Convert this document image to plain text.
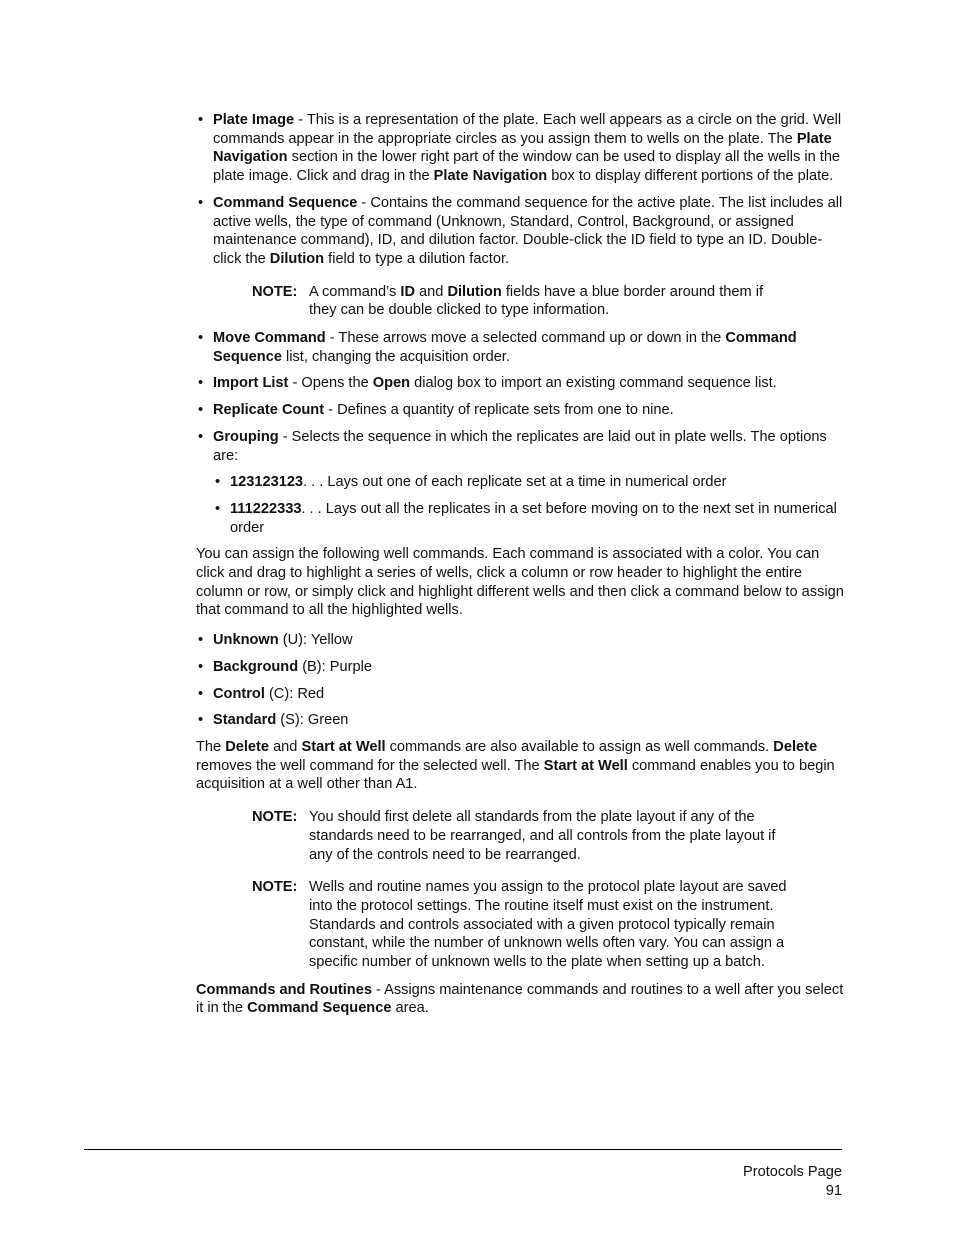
• Plate Image - This is a representation of the plate. Each well appears as a circle on the grid. Well commands appear in the appropriate circles as you assign them to wells on the plate. The Plate Navigation section in the lower right part of the window can be used to display all the wells in the plate image. Click and drag in the Plate Navigation box to display different portions of the plate.
• Command Sequence - Contains the command sequence for the active plate. The list includes all active wells, the type of command (Unknown, Standard, Control, Background, or assigned maintenance command), ID, and dilution factor. Double-click the ID field to type an ID. Double-click the Dilution field to type a dilution factor.
NOTE: A command’s ID and Dilution fields have a blue border around them if they can be double clicked to type information.
• Move Command - These arrows move a selected command up or down in the Command Sequence list, changing the acquisition order.
• Import List - Opens the Open dialog box to import an existing command sequence list.
• Replicate Count - Defines a quantity of replicate sets from one to nine.
• Grouping - Selects the sequence in which the replicates are laid out in plate wells. The options are:
• 123123123. . . Lays out one of each replicate set at a time in numerical order
• 111222333. . . Lays out all the replicates in a set before moving on to the next set in numerical order

You can assign the following well commands. Each command is associated with a color. You can click and drag to highlight a series of wells, click a column or row header to highlight the entire column or row, or simply click and highlight different wells and then click a command below to assign that command to all the highlighted wells.

• Unknown (U): Yellow
• Background (B): Purple
• Control (C): Red
• Standard (S): Green

The Delete and Start at Well commands are also available to assign as well commands. Delete removes the well command for the selected well. The Start at Well command enables you to begin acquisition at a well other than A1.

NOTE: You should first delete all standards from the plate layout if any of the standards need to be rearranged, and all controls from the plate layout if any of the controls need to be rearranged.
NOTE: Wells and routine names you assign to the protocol plate layout are saved into the protocol settings. The routine itself must exist on the instrument. Standards and controls associated with a given protocol typically remain constant, while the number of unknown wells often vary. You can assign a specific number of unknown wells to the plate when setting up a batch.

Commands and Routines - Assigns maintenance commands and routines to a well after you select it in the Command Sequence area.

Protocols Page
91
